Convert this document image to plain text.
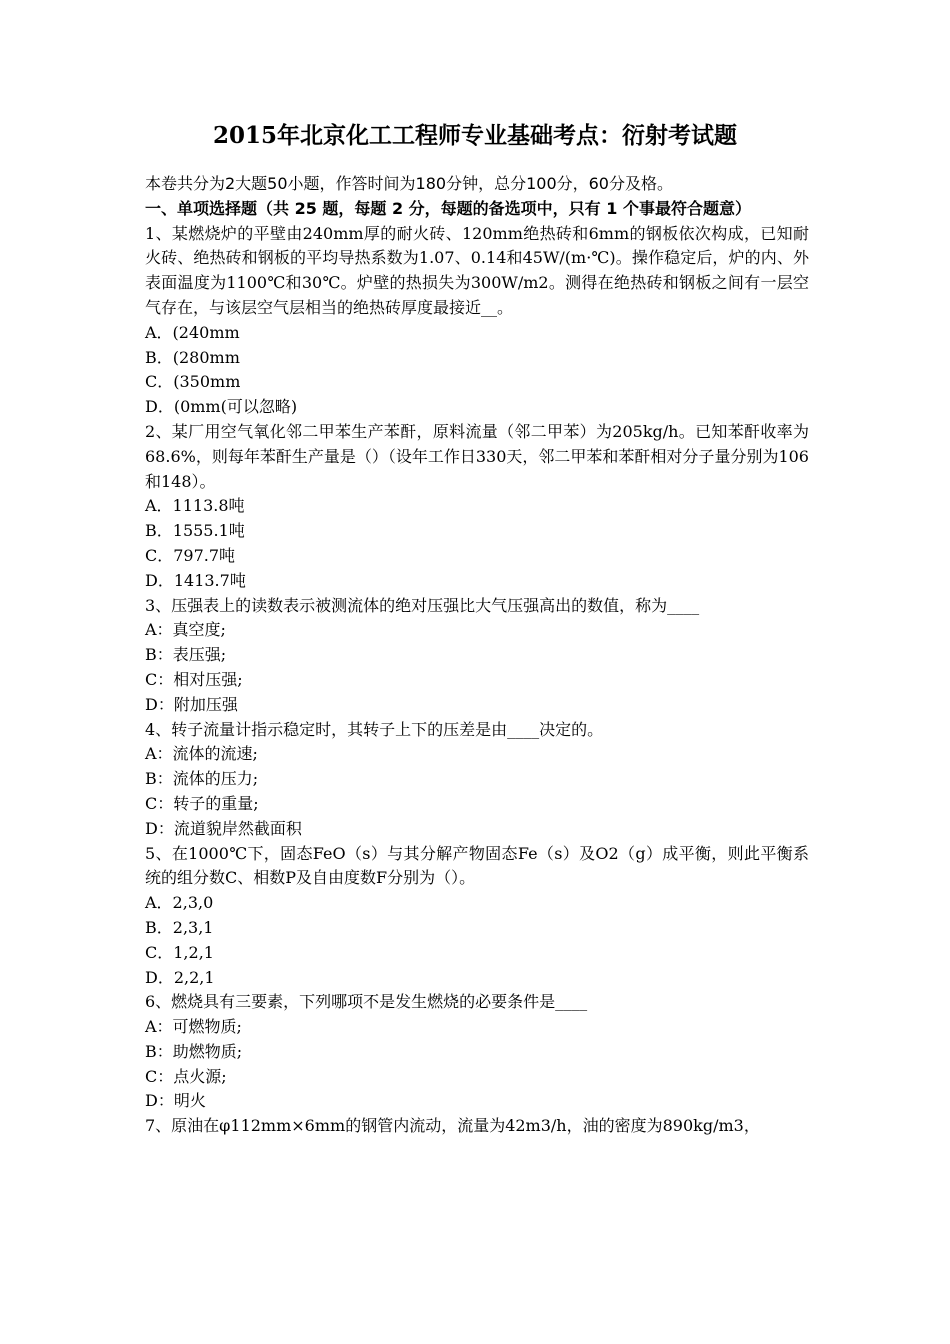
2015年北京化工工程师专业基础考点：衍射考试题

本卷共分为2大题50小题，作答时间为180分钟，总分100分，60分及格。

一、单项选择题（共 25 题，每题 2 分，每题的备选项中，只有 1 个事最符合题意）

1、某燃烧炉的平壁由240mm厚的耐火砖、120mm绝热砖和6mm的钢板依次构成，已知耐火砖、绝热砖和钢板的平均导热系数为1.07、0.14和45W/(m·℃)。操作稳定后，炉的内、外表面温度为1100℃和30℃。炉壁的热损失为300W/m2。测得在绝热砖和钢板之间有一层空气存在，与该层空气层相当的绝热砖厚度最接近__。

A．(240mm

B．(280mm

C．(350mm

D．(0mm(可以忽略)

2、某厂用空气氧化邻二甲苯生产苯酐，原料流量（邻二甲苯）为205kg/h。已知苯酐收率为68.6%，则每年苯酐生产量是（）（设年工作日330天，邻二甲苯和苯酐相对分子量分别为106和148）。

A．1113.8吨

B．1555.1吨

C．797.7吨

D．1413.7吨

3、压强表上的读数表示被测流体的绝对压强比大气压强高出的数值，称为____

A：真空度;

B：表压强;

C：相对压强;

D：附加压强

4、转子流量计指示稳定时，其转子上下的压差是由____决定的。

A：流体的流速;

B：流体的压力;

C：转子的重量;

D：流道貌岸然截面积

5、在1000℃下，固态FeO（s）与其分解产物固态Fe（s）及O2（g）成平衡，则此平衡系统的组分数C、相数P及自由度数F分别为（）。

A．2,3,0

B．2,3,1

C．1,2,1

D．2,2,1

6、燃烧具有三要素，下列哪项不是发生燃烧的必要条件是____

A：可燃物质;

B：助燃物质;

C：点火源;

D：明火

7、原油在φ112mm×6mm的钢管内流动，流量为42m3/h，油的密度为890kg/m3，
